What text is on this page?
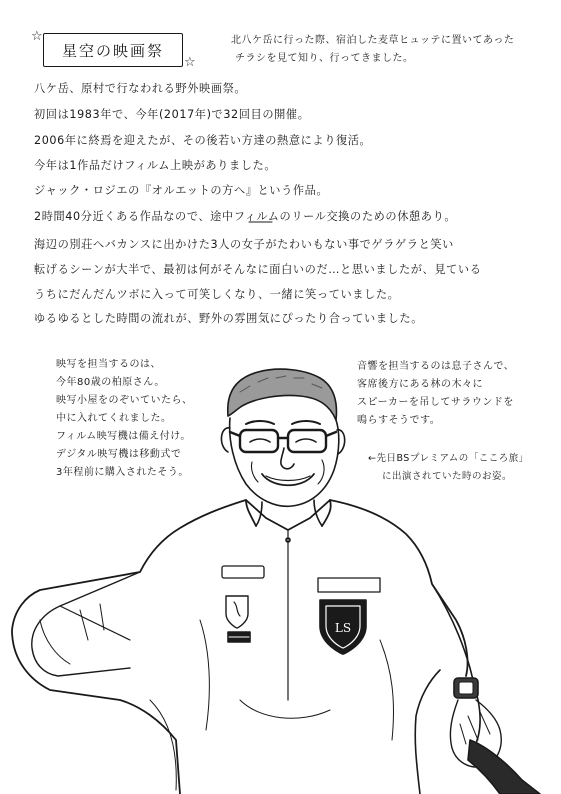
☆
星空の映画祭
☆
北八ケ岳に行った際、宿泊した麦草ヒュッテに置いてあった
チラシを見て知り、行ってきました。
八ケ岳、原村で行なわれる野外映画祭。
初回は1983年で、今年(2017年)で32回目の開催。
2006年に終焉を迎えたが、その後若い方達の熱意により復活。
今年は1作品だけフィルム上映がありました。
ジャック・ロジエの『オルエットの方へ』という作品。
2時間40分近くある作品なので、途中フィルムのリール交換のための休憩あり。
海辺の別荘へバカンスに出かけた3人の女子がたわいもない事でゲラゲラと笑い
転げるシーンが大半で、最初は何がそんなに面白いのだ…と思いましたが、見ている
うちにだんだんツボに入って可笑しくなり、一緒に笑っていました。
ゆるゆるとした時間の流れが、野外の雰囲気にぴったり合っていました。
映写を担当するのは、
今年80歳の柏原さん。
映写小屋をのぞいていたら、
中に入れてくれました。
フィルム映写機は備え付け。
デジタル映写機は移動式で
3年程前に購入されたそう。
音響を担当するのは息子さんで、
客席後方にある林の木々に
スピーカーを吊してサラウンドを
鳴らすそうです。
←先日BSプレミアムの「こころ旅」
に出演されていた時のお姿。
LS
